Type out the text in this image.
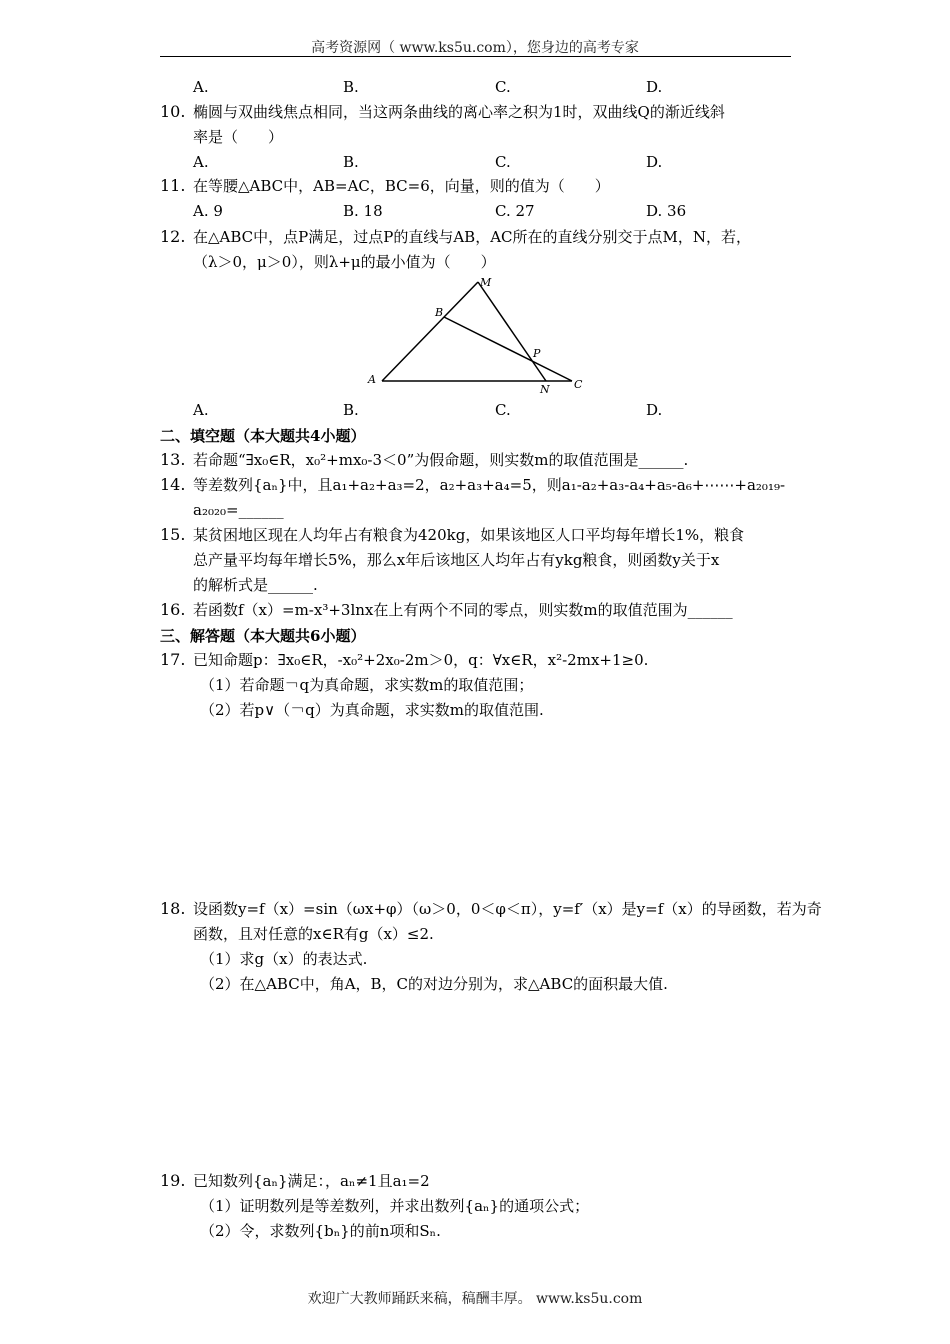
高考资源网（ www.ks5u.com），您身边的高考专家
A.	B.	C.	D.
10. 椭圆与双曲线焦点相同，当这两条曲线的离心率之积为1时，双曲线Q的渐近线斜
率是（　　）
A.	B.	C.	D.
11. 在等腰△ABC中，AB=AC，BC=6，向量，则的值为（　　）
A. 9	B. 18	C. 27	D. 36
12. 在△ABC中，点P满足，过点P的直线与AB，AC所在的直线分别交于点M，N，若，
（λ＞0，μ＞0），则λ+μ的最小值为（　　）
A
B
C
M
N
P
A.	B.	C.	D.
二、填空题（本大题共4小题）
13. 若命题“∃x₀∈R，x₀²+mx₀-3＜0”为假命题，则实数m的取值范围是______.
14. 等差数列{aₙ}中，且a₁+a₂+a₃=2，a₂+a₃+a₄=5，则a₁-a₂+a₃-a₄+a₅-a₆+⋯⋯+a₂₀₁₉-
a₂₀₂₀=______
15. 某贫困地区现在人均年占有粮食为420kg，如果该地区人口平均每年增长1%，粮食
总产量平均每年增长5%，那么x年后该地区人均年占有ykg粮食，则函数y关于x
的解析式是______.
16. 若函数f（x）=m-x³+3lnx在上有两个不同的零点，则实数m的取值范围为______
三、解答题（本大题共6小题）
17. 已知命题p：∃x₀∈R，-x₀²+2x₀-2m＞0，q：∀x∈R，x²-2mx+1≥0.
（1）若命题￢q为真命题，求实数m的取值范围；
（2）若p∨（￢q）为真命题，求实数m的取值范围.
18. 设函数y=f（x）=sin（ωx+φ）（ω＞0，0＜φ＜π），y=f′（x）是y=f（x）的导函数，若为奇
函数，且对任意的x∈R有g（x）≤2.
（1）求g（x）的表达式.
（2）在△ABC中，角A，B，C的对边分别为，求△ABC的面积最大值.
19. 已知数列{aₙ}满足：，aₙ≠1且a₁=2
（1）证明数列是等差数列，并求出数列{aₙ}的通项公式；
（2）令，求数列{bₙ}的前n项和Sₙ.
欢迎广大教师踊跃来稿，稿酬丰厚。 www.ks5u.com
